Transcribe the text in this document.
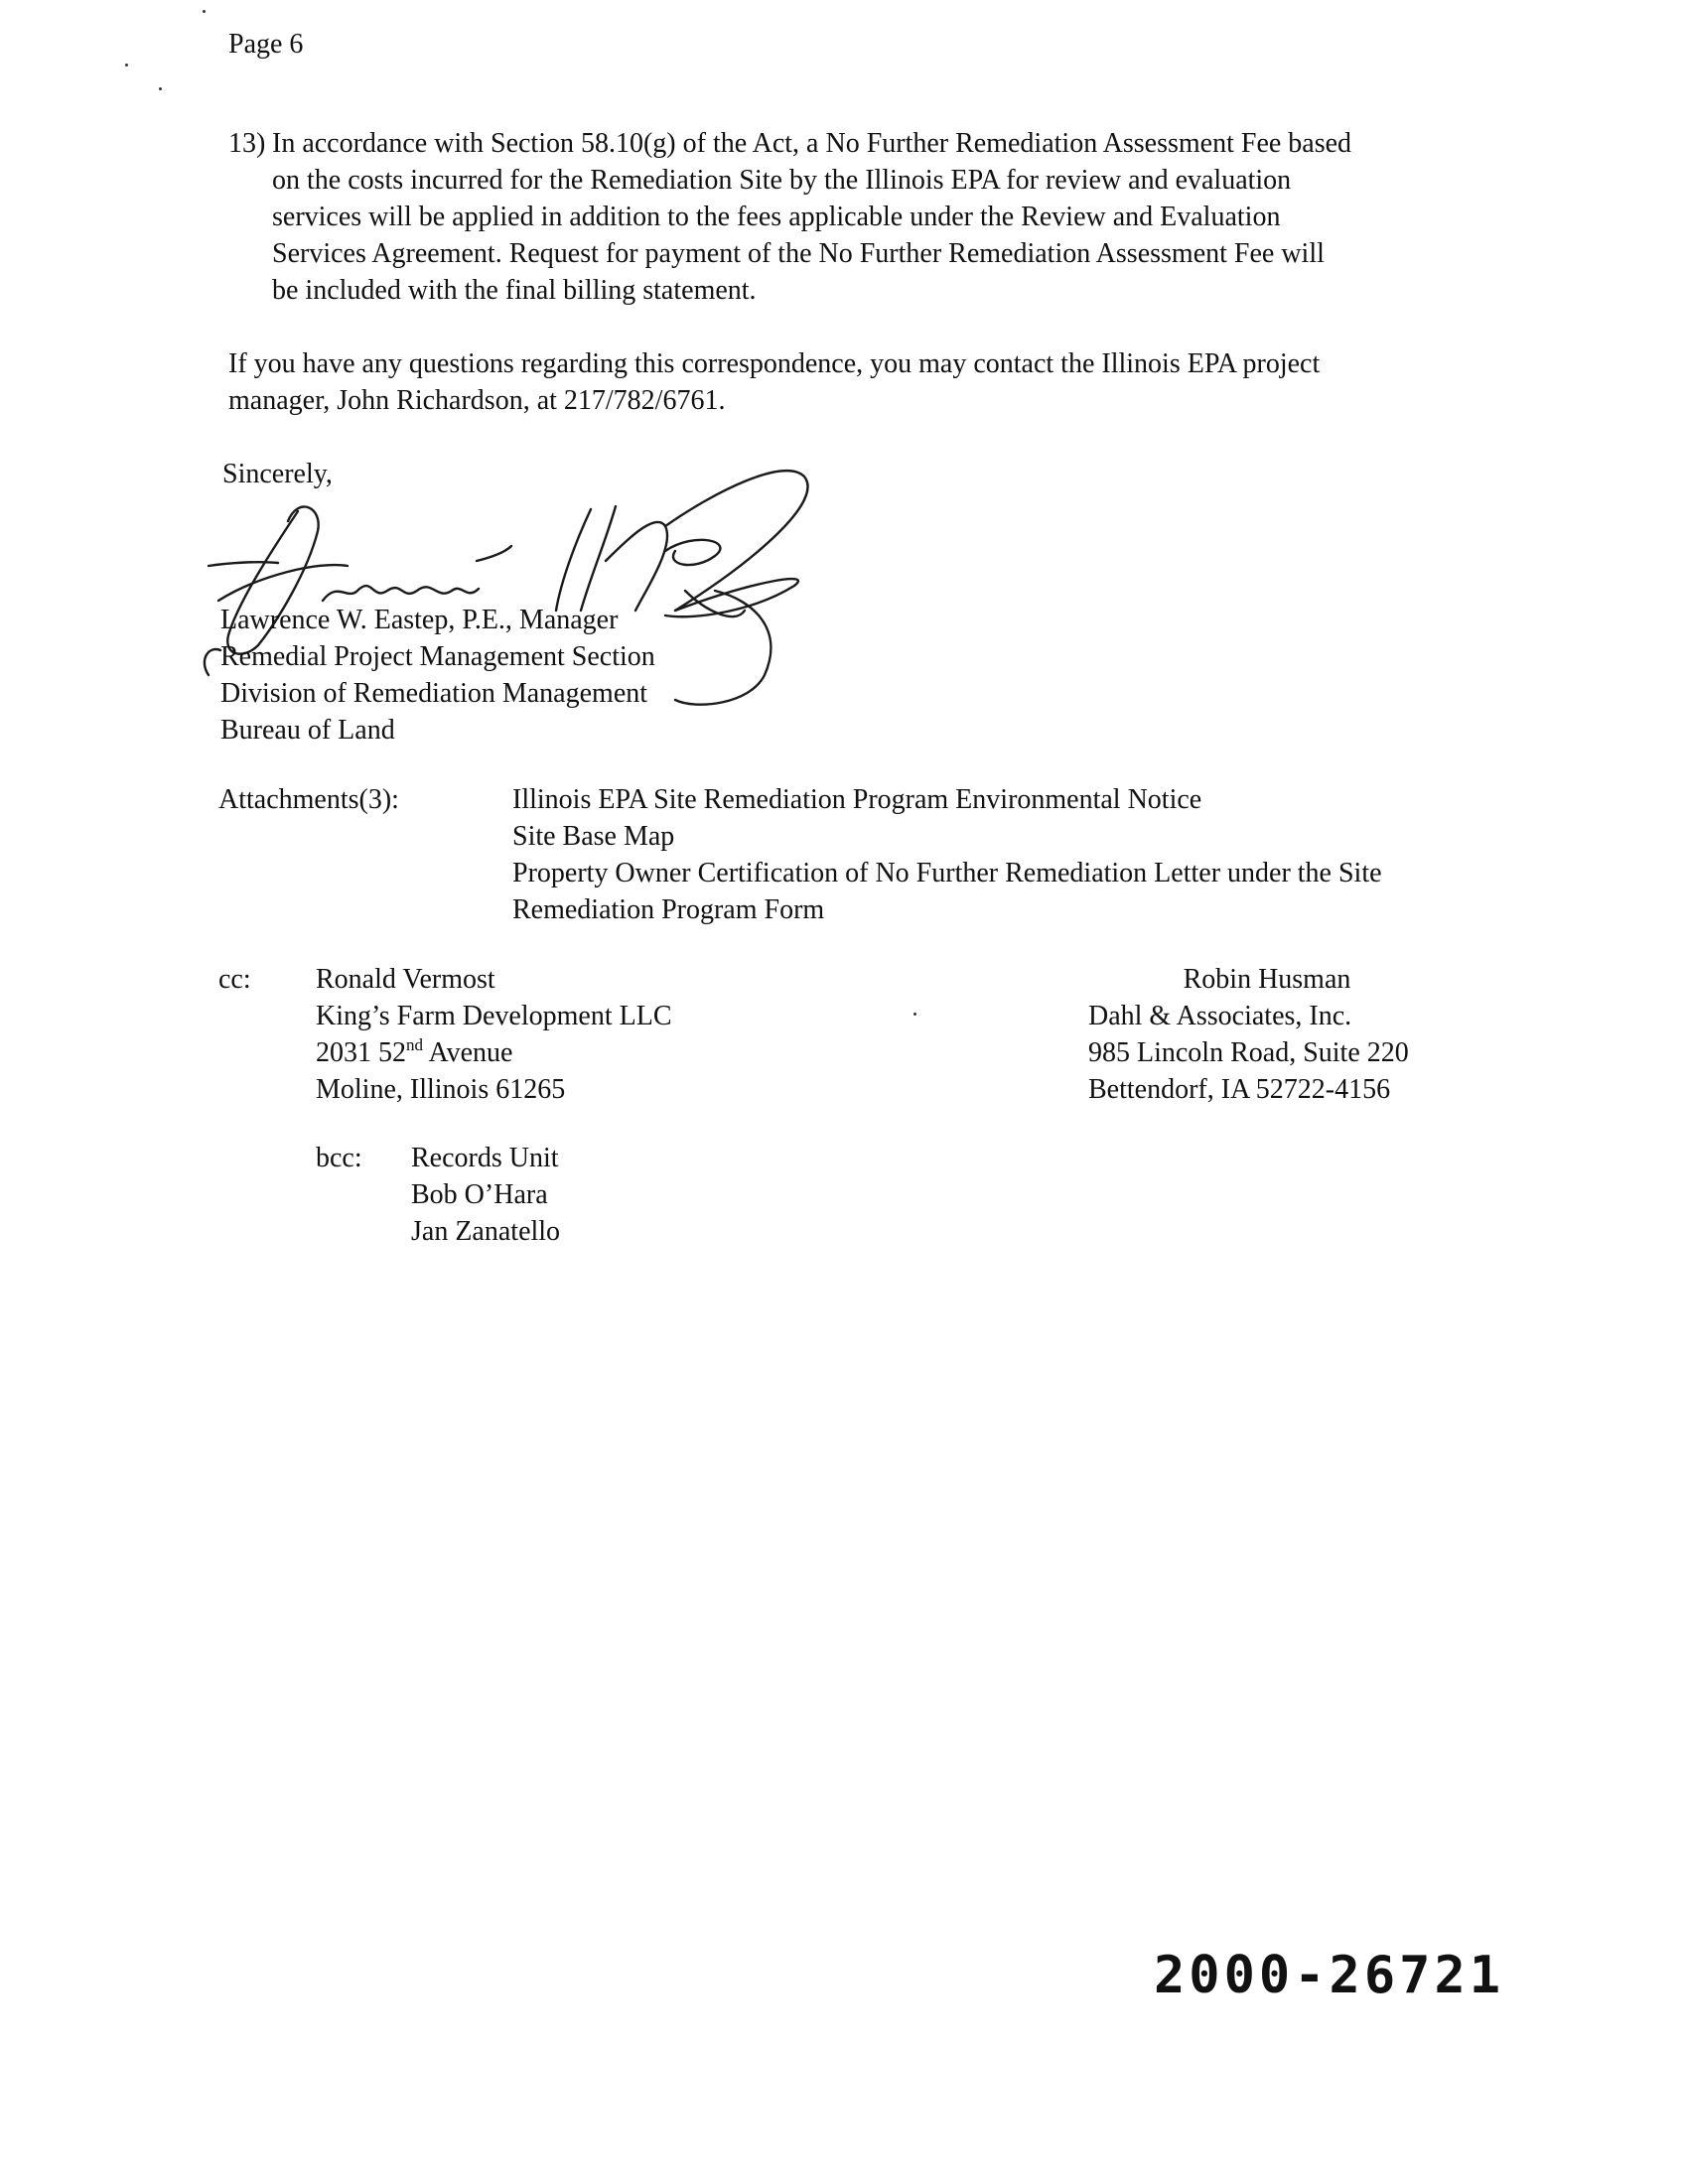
Page 6
13) In accordance with Section 58.10(g) of the Act, a No Further Remediation Assessment Fee based
on the costs incurred for the Remediation Site by the Illinois EPA for review and evaluation
services will be applied in addition to the fees applicable under the Review and Evaluation
Services Agreement. Request for payment of the No Further Remediation Assessment Fee will
be included with the final billing statement.
If you have any questions regarding this correspondence, you may contact the Illinois EPA project
manager, John Richardson, at 217/782/6761.
Sincerely,
Lawrence W. Eastep, P.E., Manager
Remedial Project Management Section
Division of Remediation Management
Bureau of Land
Attachments(3):	Illinois EPA Site Remediation Program Environmental Notice
Site Base Map
Property Owner Certification of No Further Remediation Letter under the Site
Remediation Program Form
cc: Ronald Vermost
King’s Farm Development LLC
2031 52nd Avenue
Moline, Illinois 61265
Robin Husman
Dahl & Associates, Inc.
985 Lincoln Road, Suite 220
Bettendorf, IA 52722-4156
bcc: Records Unit
Bob O’Hara
Jan Zanatello
2000-26721
